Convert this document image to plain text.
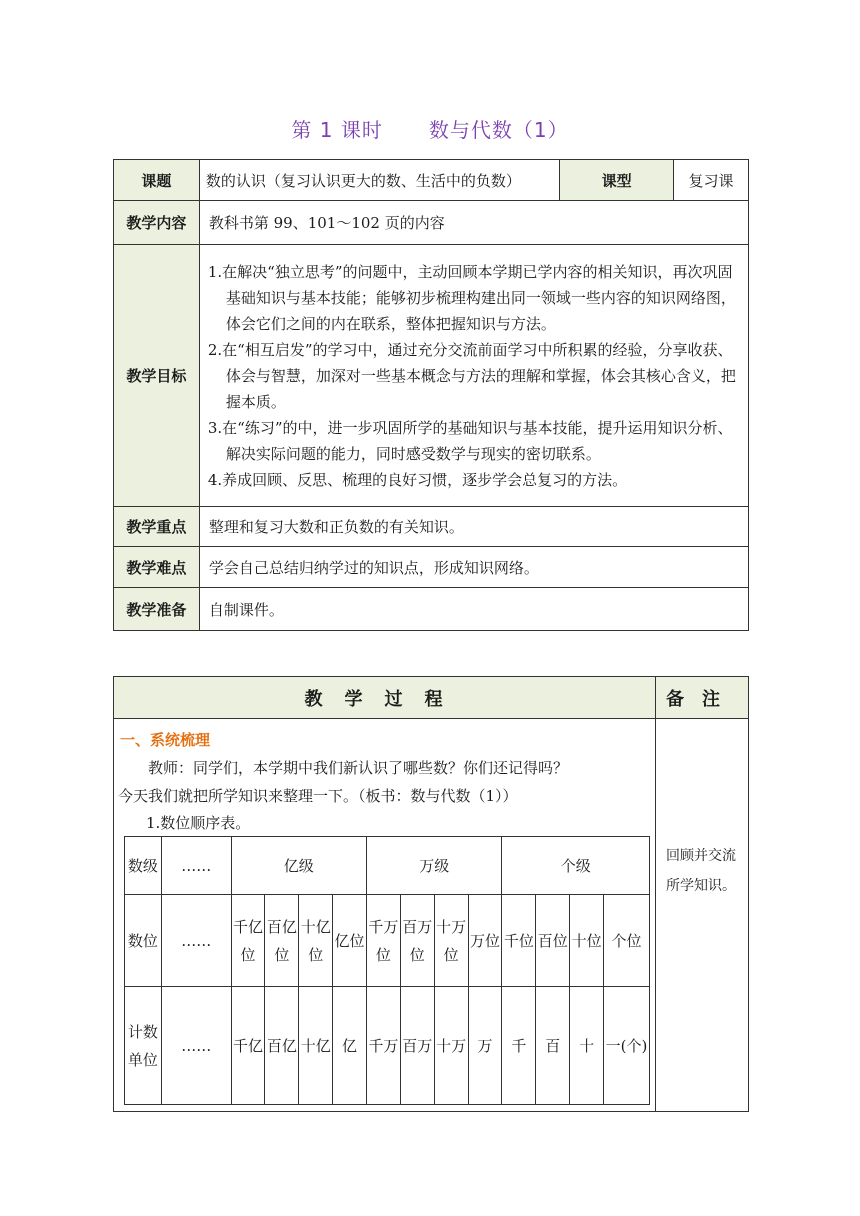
第 1 课时 数与代数（1）
课题	数的认识（复习认识更大的数、生活中的负数）	课型	复习课
教学内容	教科书第 99、101～102 页的内容		
教学目标	1.在解决“独立思考”的问题中，主动回顾本学期已学内容的相关知识，再次巩固基础知识与基本技能；能够初步梳理构建出同一领域一些内容的知识网络图，体会它们之间的内在联系，整体把握知识与方法。
2.在“相互启发”的学习中，通过充分交流前面学习中所积累的经验，分享收获、体会与智慧，加深对一些基本概念与方法的理解和掌握，体会其核心含义，把握本质。
3.在“练习”的中，进一步巩固所学的基础知识与基本技能，提升运用知识分析、解决实际问题的能力，同时感受数学与现实的密切联系。
4.养成回顾、反思、梳理的良好习惯，逐步学会总复习的方法。		

教学重点	整理和复习大数和正负数的有关知识。		
教学难点	学会自己总结归纳学过的知识点，形成知识网络。		
教学准备	自制课件。		
教学过程	备注

一、系统梳理

教师：同学们，本学期中我们新认识了哪些数？你们还记得吗？

今天我们就把所学知识来整理一下。（板书：数与代数（1））

1.数位顺序表。
数级	……	亿级	万级	个级
数位	……	千亿位	百亿位	十亿位	亿位	千万位	百万位	十万位	万位	千位	百位	十位	个位
计数单位	……	千亿	百亿	十亿	亿	千万	百万	十万	万	千	百	十	一(个)

回顾并交流所学知识。
